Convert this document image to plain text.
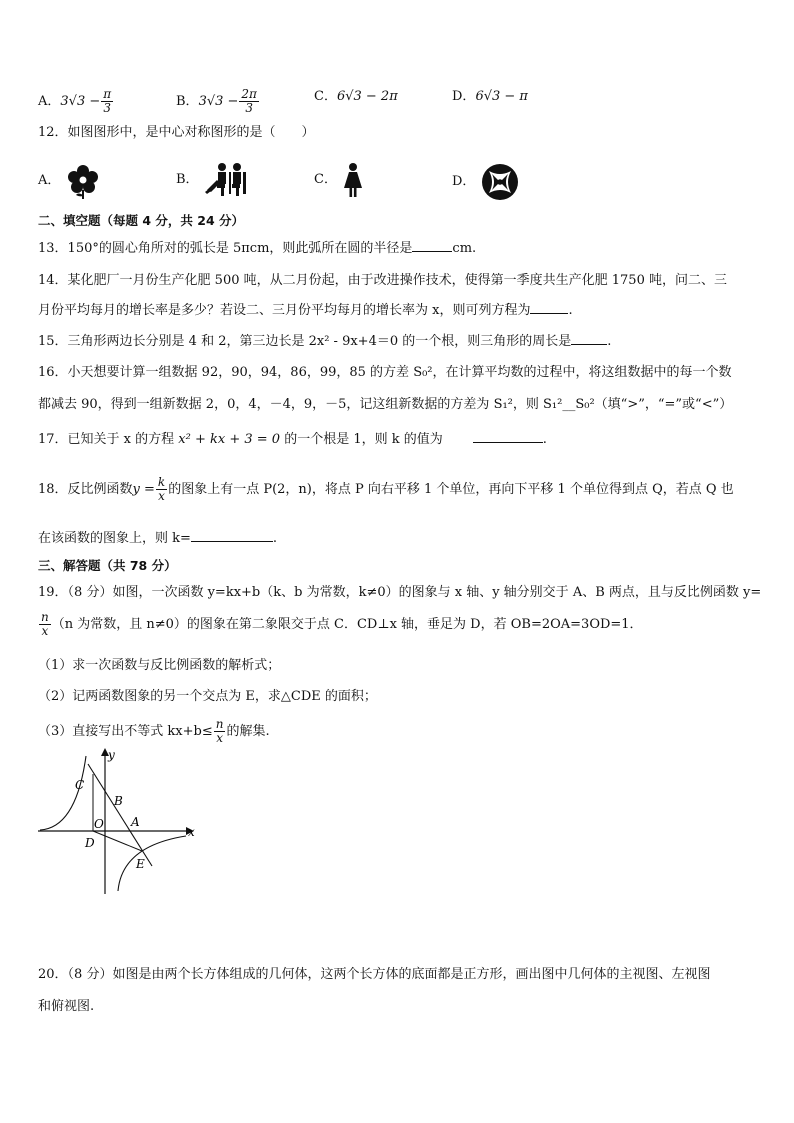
A．$3√3 - \frac{\pi}{3}$	B．$3√3 - \frac{2\pi}{3}$	C．6√3 − 2π	D．6√3 − π
12．如图图形中，是中心对称图形的是（　　）
A．	B．	C．	D．
二、填空题（每题 4 分，共 24 分）
13．150°的圆心角所对的弧长是 5πcm，则此弧所在圆的半径是	cm.
14．某化肥厂一月份生产化肥 500 吨，从二月份起，由于改进操作技术，使得第一季度共生产化肥 1750 吨，问二、三
月份平均每月的增长率是多少？若设二、三月份平均每月的增长率为 x，则可列方程为	.
15．三角形两边长分别是 4 和 2，第三边长是 2x² - 9x+4＝0 的一个根，则三角形的周长是	.
16．小天想要计算一组数据 92，90，94，86，99，85 的方差 S₀²，在计算平均数的过程中，将这组数据中的每一个数
都减去 90，得到一组新数据 2，0，4，－4，9，－5，记这组新数据的方差为 S₁²，则 S₁²__S₀²（填“>”，“=”或“<”）
17．已知关于 x 的方程 x² + kx + 3 = 0 的一个根是 1，则 k 的值为	.
18．反比例函数$y = \frac{k}{x}$ 的图象上有一点 P(2，n)，将点 P 向右平移 1 个单位，再向下平移 1 个单位得到点 Q，若点 Q 也
在该函数的图象上，则 k=	.
三、解答题（共 78 分）
19．（8 分）如图，一次函数 y=kx+b（k、b 为常数，k≠0）的图象与 x 轴、y 轴分别交于 A、B 两点，且与反比例函数 y=
$\frac{n}{x} (n$ 为常数，且 n≠0）的图象在第二象限交于点 C．CD⊥x 轴，垂足为 D，若 OB=2OA=3OD=1．
（1）求一次函数与反比例函数的解析式；
（2）记两函数图象的另一个交点为 E，求△CDE 的面积；
（3）直接写出不等式 $kx+b\le \frac{n}{x}$ 的解集.
y
x
C
B
O A
D
E
20．（8 分）如图是由两个长方体组成的几何体，这两个长方体的底面都是正方形，画出图中几何体的主视图、左视图
和俯视图.
